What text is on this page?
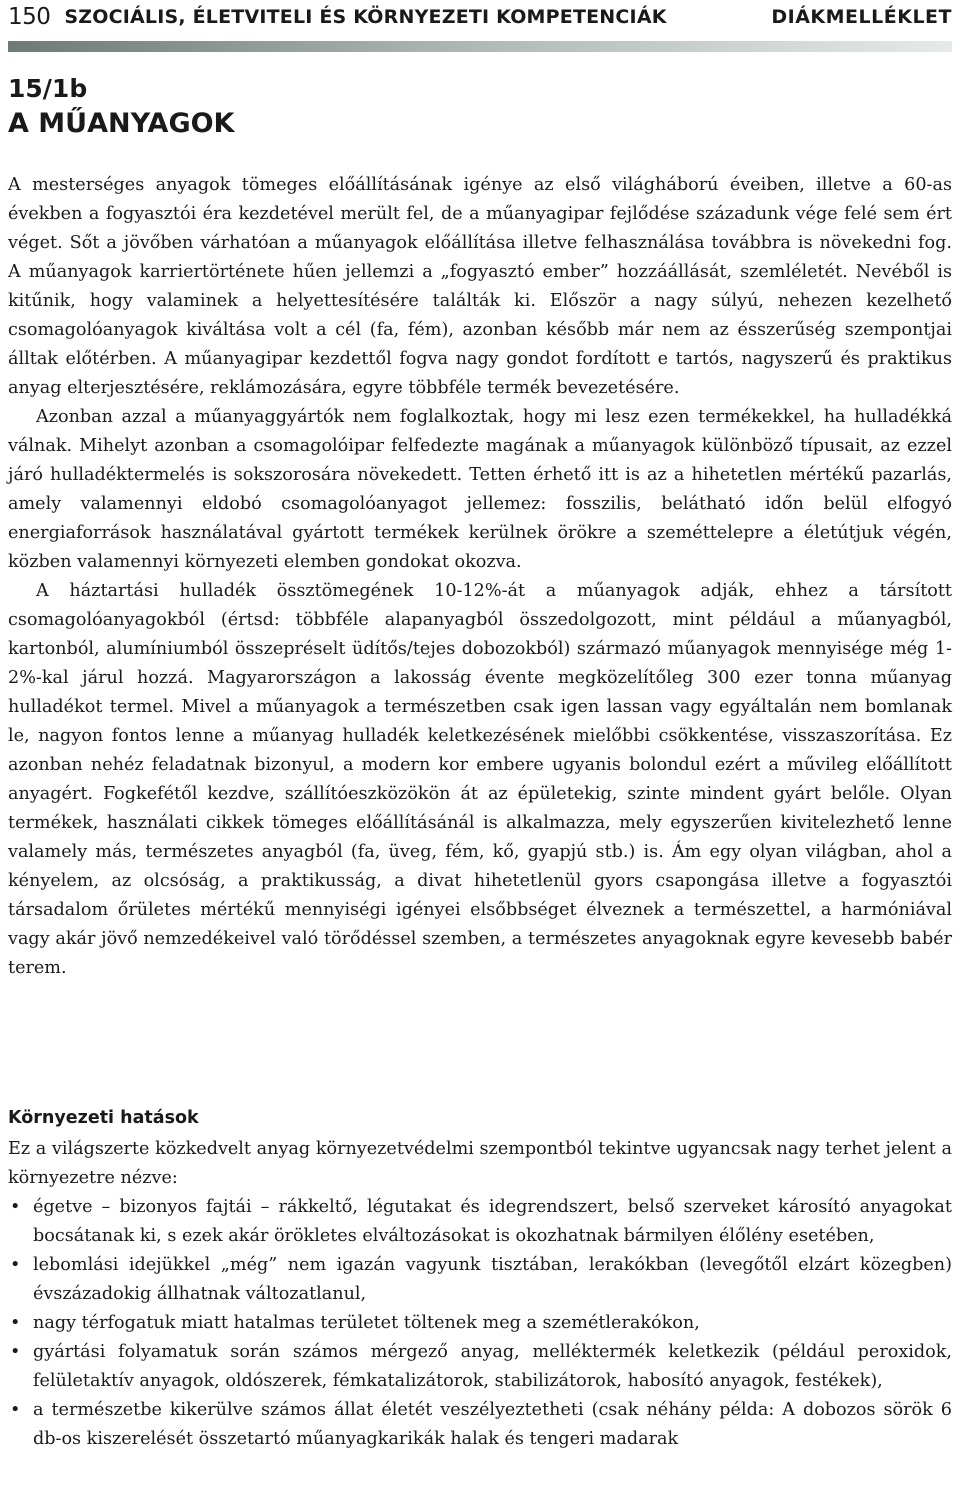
150 SZOCIÁLIS, ÉLETVITELI ÉS KÖRNYEZETI KOMPETENCIÁK	DIÁKMELLÉKLET
15/1b
A MŰANYAGOK

A mesterséges anyagok tömeges előállításának igénye az első világháború éveiben, illetve a 60-as években a fogyasztói éra kezdetével merült fel, de a műanyagipar fejlődése századunk vége felé sem ért véget. Sőt a jövőben várhatóan a műanyagok előállítása illetve felhasználása továbbra is növekedni fog. A műanyagok karriertörténete hűen jellemzi a „fogyasztó ember” hozzáállását, szemléletét. Nevéből is kitűnik, hogy valaminek a helyettesítésére találták ki. Először a nagy súlyú, nehezen kezelhető csomagolóanyagok kiváltása volt a cél (fa, fém), azonban később már nem az ésszerűség szempontjai álltak előtérben. A műanyagipar kezdettől fogva nagy gondot fordított e tartós, nagyszerű és praktikus anyag elterjesztésére, reklámozására, egyre többféle termék bevezetésére.

Azonban azzal a műanyaggyártók nem foglalkoztak, hogy mi lesz ezen termékekkel, ha hulladékká válnak. Mihelyt azonban a csomagolóipar felfedezte magának a műanyagok különböző típusait, az ezzel járó hulladéktermelés is sokszorosára növekedett. Tetten érhető itt is az a hihetetlen mértékű pazarlás, amely valamennyi eldobó csomagolóanyagot jellemez: fosszilis, belátható időn belül elfogyó energiaforrások használatával gyártott termékek kerülnek örökre a szeméttelepre a életútjuk végén, közben valamennyi környezeti elemben gondokat okozva.

A háztartási hulladék össztömegének 10-12%-át a műanyagok adják, ehhez a társított csomagolóanyagokból (értsd: többféle alapanyagból összedolgozott, mint például a műanyagból, kartonból, alumíniumból összepréselt üdítős/tejes dobozokból) származó műanyagok mennyisége még 1-2%-kal járul hozzá. Magyarországon a lakosság évente megközelítőleg 300 ezer tonna műanyag hulladékot termel. Mivel a műanyagok a természetben csak igen lassan vagy egyáltalán nem bomlanak le, nagyon fontos lenne a műanyag hulladék keletkezésének mielőbbi csökkentése, visszaszorítása. Ez azonban nehéz feladatnak bizonyul, a modern kor embere ugyanis bolondul ezért a művileg előállított anyagért. Fogkefétől kezdve, szállítóeszközökön át az épületekig, szinte mindent gyárt belőle. Olyan termékek, használati cikkek tömeges előállításánál is alkalmazza, mely egyszerűen kivitelezhető lenne valamely más, természetes anyagból (fa, üveg, fém, kő, gyapjú stb.) is. Ám egy olyan világban, ahol a kényelem, az olcsóság, a praktikusság, a divat hihetetlenül gyors csapongása illetve a fogyasztói társadalom őrületes mértékű mennyiségi igényei elsőbbséget élveznek a természettel, a harmóniával vagy akár jövő nemzedékeivel való törődéssel szemben, a természetes anyagoknak egyre kevesebb babér terem.

Környezeti hatások

Ez a világszerte közkedvelt anyag környezetvédelmi szempontból tekintve ugyancsak nagy terhet jelent a környezetre nézve:

• égetve – bizonyos fajtái – rákkeltő, légutakat és idegrendszert, belső szerveket károsító anyagokat bocsátanak ki, s ezek akár örökletes elváltozásokat is okozhatnak bármilyen élőlény esetében,
• lebomlási idejükkel „még” nem igazán vagyunk tisztában, lerakókban (levegőtől elzárt közegben) évszázadokig állhatnak változatlanul,
• nagy térfogatuk miatt hatalmas területet töltenek meg a szemétlerakókon,
• gyártási folyamatuk során számos mérgező anyag, melléktermék keletkezik (például peroxidok, felületaktív anyagok, oldószerek, fémkatalizátorok, stabilizátorok, habosító anyagok, festékek),
• a természetbe kikerülve számos állat életét veszélyeztetheti (csak néhány példa: A dobozos sörök 6 db-os kiszerelését összetartó műanyagkarikák halak és tengeri madarak
